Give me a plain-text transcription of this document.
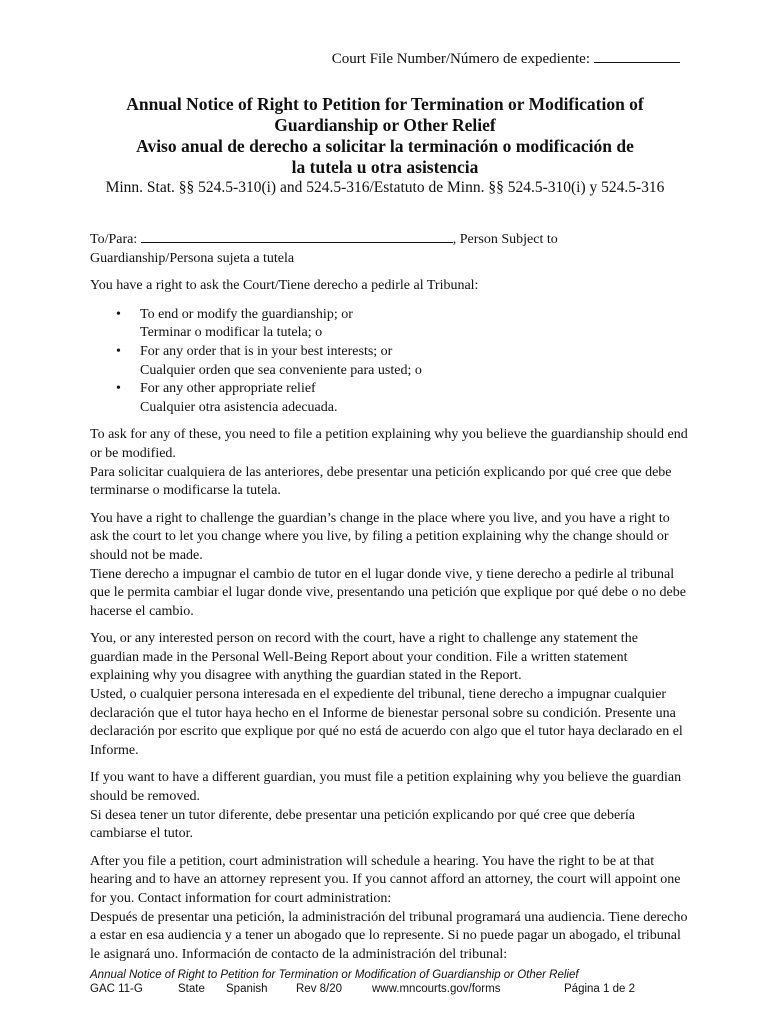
Court File Number/Número de expediente:

Annual Notice of Right to Petition for Termination or Modification of

Guardianship or Other Relief

Aviso anual de derecho a solicitar la terminación o modificación de

la tutela u otra asistencia

Minn. Stat. §§ 524.5-310(i) and 524.5-316/Estatuto de Minn. §§ 524.5-310(i) y 524.5-316

To/Para:	, Person Subject to
Guardianship/Persona sujeta a tutela

You have a right to ask the Court/Tiene derecho a pedirle al Tribunal:

• To end or modify the guardianship; or
Terminar o modificar la tutela; o
• For any order that is in your best interests; or
Cualquier orden que sea conveniente para usted; o
• For any other appropriate relief
Cualquier otra asistencia adecuada.

To ask for any of these, you need to file a petition explaining why you believe the guardianship should end or be modified.
Para solicitar cualquiera de las anteriores, debe presentar una petición explicando por qué cree que debe terminarse o modificarse la tutela.

You have a right to challenge the guardian’s change in the place where you live, and you have a right to ask the court to let you change where you live, by filing a petition explaining why the change should or should not be made.
Tiene derecho a impugnar el cambio de tutor en el lugar donde vive, y tiene derecho a pedirle al tribunal que le permita cambiar el lugar donde vive, presentando una petición que explique por qué debe o no debe hacerse el cambio.

You, or any interested person on record with the court, have a right to challenge any statement the guardian made in the Personal Well-Being Report about your condition. File a written statement explaining why you disagree with anything the guardian stated in the Report.
Usted, o cualquier persona interesada en el expediente del tribunal, tiene derecho a impugnar cualquier declaración que el tutor haya hecho en el Informe de bienestar personal sobre su condición. Presente una declaración por escrito que explique por qué no está de acuerdo con algo que el tutor haya declarado en el Informe.

If you want to have a different guardian, you must file a petition explaining why you believe the guardian should be removed.
Si desea tener un tutor diferente, debe presentar una petición explicando por qué cree que debería cambiarse el tutor.

After you file a petition, court administration will schedule a hearing. You have the right to be at that hearing and to have an attorney represent you. If you cannot afford an attorney, the court will appoint one for you. Contact information for court administration:
Después de presentar una petición, la administración del tribunal programará una audiencia. Tiene derecho a estar en esa audiencia y a tener un abogado que lo represente. Si no puede pagar un abogado, el tribunal le asignará uno. Información de contacto de la administración del tribunal:

Annual Notice of Right to Petition for Termination or Modification of Guardianship or Other Relief
GAC 11-G	State Spanish Rev 8/20	www.mncourts.gov/forms	Página 1 de 2
